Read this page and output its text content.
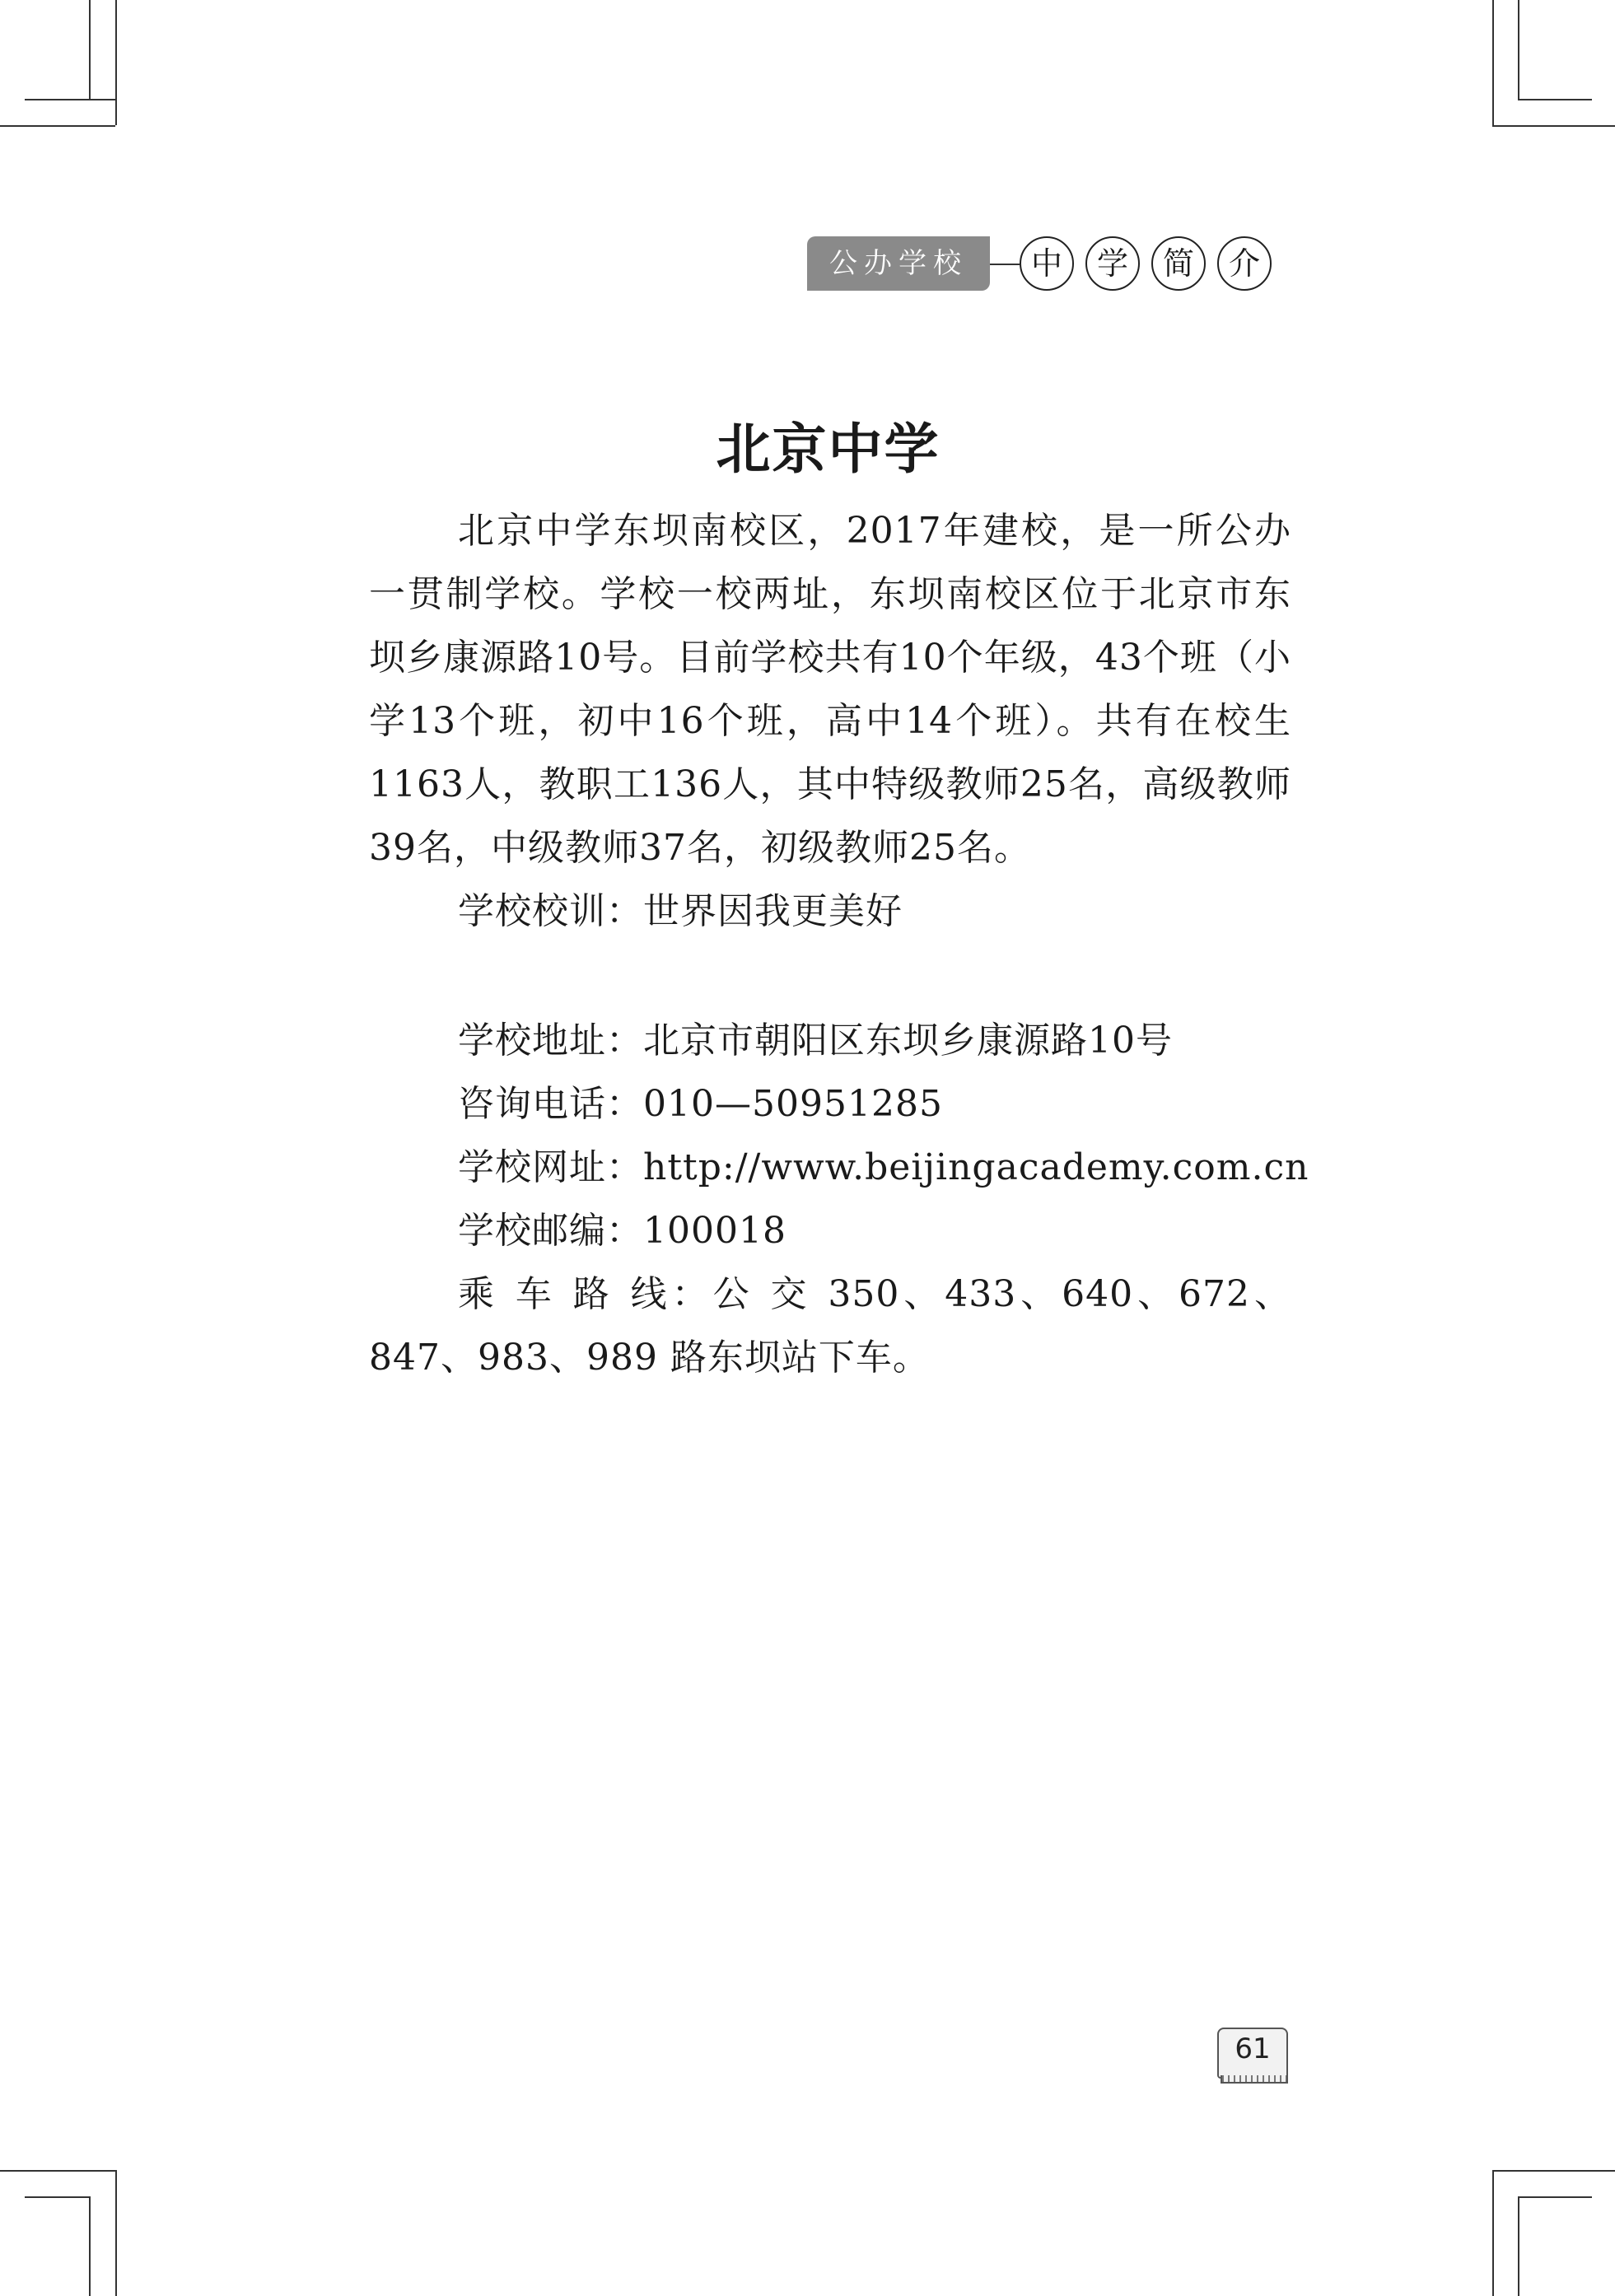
公办学校	中	学	简	介
北京中学

北京中学东坝南校区，2017年建校，是一所公办一贯制学校。学校一校两址，东坝南校区位于北京市东坝乡康源路10号。目前学校共有10个年级，43个班（小学13个班，初中16个班，高中14个班）。共有在校生1163人，教职工136人，其中特级教师25名，高级教师39名，中级教师37名，初级教师25名。

学校校训：世界因我更美好

学校地址：北京市朝阳区东坝乡康源路10号

咨询电话：010—50951285

学校网址：http://www.beijingacademy.com.cn

学校邮编：100018

乘 车 路 线：公 交 350、433、640、672、847、983、989 路东坝站下车。

61
